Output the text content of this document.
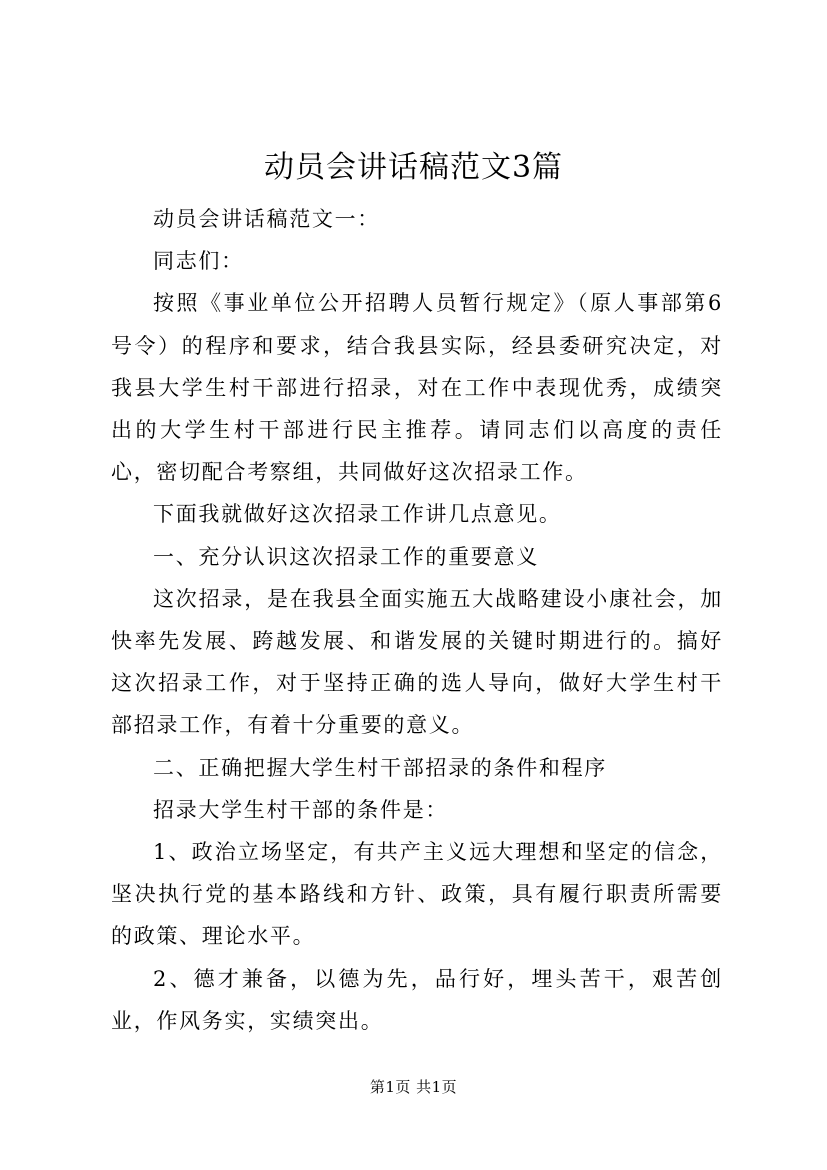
动员会讲话稿范文3篇

动员会讲话稿范文一：

同志们：

按照《事业单位公开招聘人员暂行规定》（原人事部第6号令）的程序和要求，结合我县实际，经县委研究决定，对我县大学生村干部进行招录，对在工作中表现优秀，成绩突出的大学生村干部进行民主推荐。请同志们以高度的责任心，密切配合考察组，共同做好这次招录工作。

下面我就做好这次招录工作讲几点意见。

一、充分认识这次招录工作的重要意义

这次招录，是在我县全面实施五大战略建设小康社会，加快率先发展、跨越发展、和谐发展的关键时期进行的。搞好这次招录工作，对于坚持正确的选人导向，做好大学生村干部招录工作，有着十分重要的意义。

二、正确把握大学生村干部招录的条件和程序

招录大学生村干部的条件是：

1、政治立场坚定，有共产主义远大理想和坚定的信念，坚决执行党的基本路线和方针、政策，具有履行职责所需要的政策、理论水平。

2、德才兼备，以德为先，品行好，埋头苦干，艰苦创业，作风务实，实绩突出。

第1页 共1页
